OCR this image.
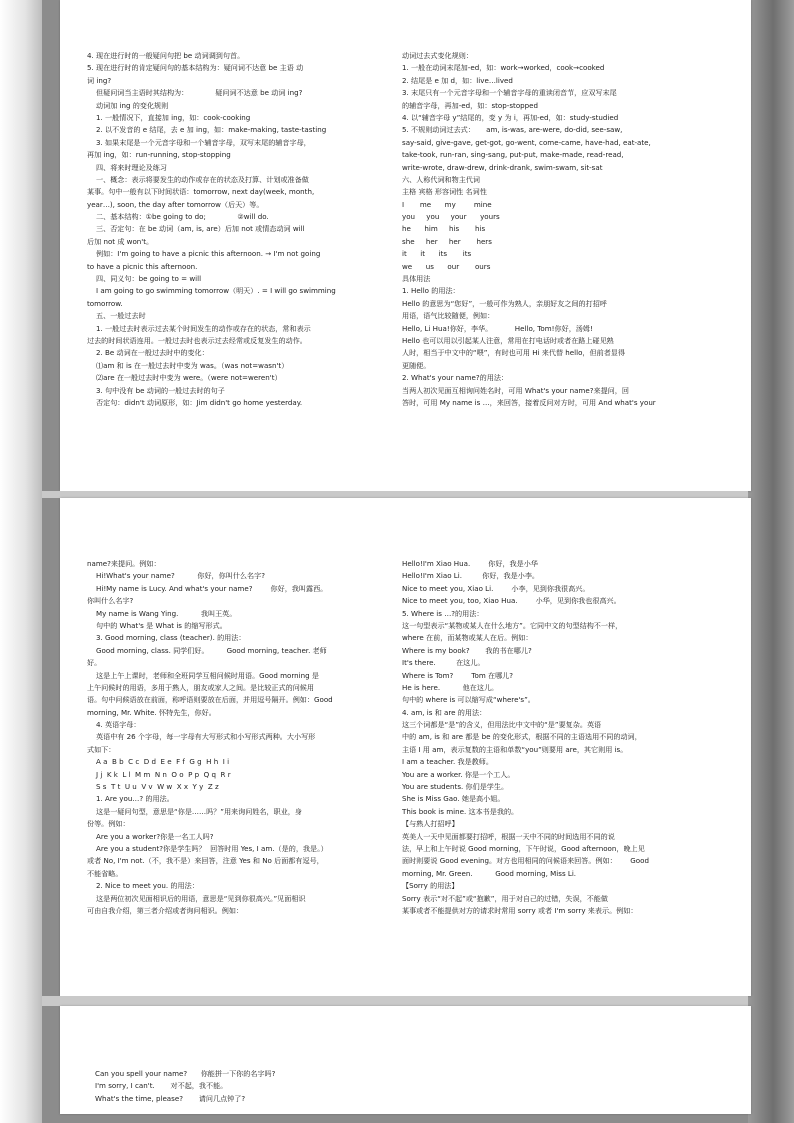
4. 现在进行时的一般疑问句把 be 动词调到句首。
5. 现在进行时的肯定疑问句的基本结构为：疑问词不达意 be 主语 动
词 ing?
但疑问词当主语时其结构为：            疑问词不达意 be 动词 ing?
动词加 ing 的变化规则
1. 一般情况下，直接加 ing，如：cook-cooking
2. 以不发音的 e 结尾，去 e 加 ing，如：make-making, taste-tasting
3. 如果末尾是一个元音字母和一个辅音字母，双写末尾的辅音字母，
再加 ing，如：run-running, stop-stopping
四、将来时理论及练习
一、概念：表示将要发生的动作或存在的状态及打算、计划或准备做
某事。句中一般有以下时间状语：tomorrow, next day(week, month,
year…), soon, the day after tomorrow（后天）等。
二、基本结构：①be going to do;              ②will do.
三、否定句：在 be 动词（am, is, are）后加 not 或情态动词 will
后加 not 成 won't。
例如：I'm going to have a picnic this afternoon. → I'm not going
to have a picnic this afternoon.
四、同义句：be going to = will
I am going to go swimming tomorrow（明天）. = I will go swimming
tomorrow.
五、一般过去时
1. 一般过去时表示过去某个时间发生的动作或存在的状态，常和表示
过去的时间状语连用。一般过去时也表示过去经常或反复发生的动作。
2. Be 动词在一般过去时中的变化：
⑴am 和 is 在一般过去时中变为 was。（was not=wasn't）
⑵are 在一般过去时中变为 were。（were not=weren't）
3. 句中没有 be 动词的一般过去时的句子
否定句：didn't 动词原形，如：Jim didn't go home yesterday.
动词过去式变化规则：
1. 一般在动词末尾加-ed，如：work→worked，cook→cooked
2. 结尾是 e 加 d，如：live…lived
3. 末尾只有一个元音字母和一个辅音字母的重读闭音节，应双写末尾
的辅音字母，再加-ed，如：stop-stopped
4. 以“辅音字母 y”结尾的，变 y 为 i，再加-ed，如：study-studied
5. 不规则动词过去式：     am, is-was, are-were, do-did, see-saw,
say-said, give-gave, get-got, go-went, come-came, have-had, eat-ate,
take-took, run-ran, sing-sang, put-put, make-made, read-read,
write-wrote, draw-drew, drink-drank, swim-swam, sit-sat
六、人称代词和物主代词
主格 宾格 形容词性 名词性
I       me      my        mine
you     you     your      yours
he      him     his       his
she     her     her       hers
it      it      its       its
we      us      our       ours
具体用法
1. Hello 的用法：
Hello 的意思为“您好”，一般可作为熟人，亲朋好友之间的打招呼
用语，语气比较随便，例如：
Hello, Li Hua!你好，李华。          Hello, Tom!你好，汤姆!
Hello 也可以用以引起某人注意，常用在打电话时或者在路上碰见熟
人时，相当于中文中的“喂”，有时也可用 Hi 来代替 hello，但前者显得
更随便。
2. What's your name?的用法：
当两人初次见面互相询问姓名时，可用 What's your name?来提问，回
答时，可用 My name is …，来回答，接着反问对方时，可用 And what's your
name?来提问。例如：
Hi!What's your name?          你好，你叫什么名字?
Hi!My name is Lucy. And what's your name?        你好，我叫露西。
你叫什么名字?
My name is Wang Ying.          我叫王英。
句中的 What's 是 What is 的缩写形式。
3. Good morning, class (teacher). 的用法：
Good morning, class. 同学们好。        Good morning, teacher. 老师
好。
这是上午上课时，老师和全班同学互相问候时用语。Good morning 是
上午问候时的用语，多用于熟人，朋友或家人之间。是比较正式的问候用
语。句中问候语放在前面，称呼语则要放在后面，并用逗号隔开。例如：Good
morning, Mr. White. 怀特先生，你好。
4. 英语字母：
英语中有 26 个字母，每一字母有大写形式和小写形式两种。大小写形
式如下：
A a  B b  C c  D d  E e  F f  G g  H h  I i
J j  K k  L l  M m  N n  O o  P p  Q q  R r
S s  T t  U u  V v  W w  X x  Y y  Z z
1. Are you…? 的用法。
这是一疑问句型，意思是“你是……吗？”用来询问姓名，职业，身
份等。例如：
Are you a worker?你是一名工人吗?
Are you a student?你是学生吗？  回答时用 Yes, I am.（是的，我是。）
或者 No, I'm not.（不，我不是）来回答，注意 Yes 和 No 后面都有逗号，
不能省略。
2. Nice to meet you. 的用法：
这是两位初次见面相识后的用语，意思是“见到你很高兴。”见面相识
可由自我介绍，第三者介绍或者询问相识。例如：
Hello!I'm Xiao Hua.        你好，我是小华
Hello!I'm Xiao Li.         你好，我是小李。
Nice to meet you, Xiao Li.        小李，见到你我很高兴。
Nice to meet you, too, Xiao Hua.        小华，见到你我也很高兴。
5. Where is …?的用法：
这一句型表示“某物或某人在什么地方”。它同中文的句型结构不一样，
where 在前，而某物或某人在后。例如：
Where is my book?       我的书在哪儿?
It's there.         在这儿。
Where is Tom?        Tom 在哪儿?
He is here.          他在这儿。
句中的 where is 可以缩写成“where's”。
4. am, is 和 are 的用法：
这三个词都是“是”的含义，但用法比中文中的“是”要复杂。英语
中的 am, is 和 are 都是 be 的变化形式，根据不同的主语选用不同的动词，
主语 I 用 am，表示复数的主语和单数“you”则要用 are，其它则用 is。
I am a teacher. 我是教师。
You are a worker. 你是一个工人。
You are students. 你们是学生。
She is Miss Gao. 她是高小姐。
This book is mine. 这本书是我的。
【与熟人打招呼】
英美人一天中见面都要打招呼，根据一天中不同的时间选用不同的说
法，早上和上午时说 Good morning，下午时说，Good afternoon，晚上见
面时则要说 Good evening。对方也用相同的问候语来回答。例如：      Good
morning, Mr. Green.          Good morning, Miss Li.
【Sorry 的用法】
Sorry 表示“对不起”或“抱歉”，用于对自己的过错，失误，不能做
某事或者不能提供对方的请求时常用 sorry 或者 I'm sorry 来表示。例如：
Can you spell your name?      你能拼一下你的名字吗?
I'm sorry, I can't.       对不起，我不能。
What's the time, please?       请问几点钟了?
